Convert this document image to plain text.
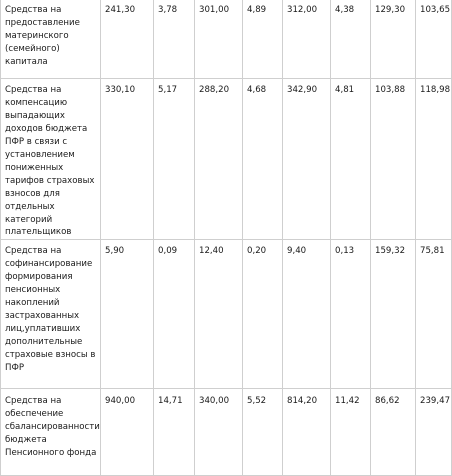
Средства на предоставление материнского (семейного) капитала	241,30	3,78	301,00	4,89	312,00	4,38	129,30	103,65
Средства на компенсацию выпадающих доходов бюджета ПФР в связи с установлением пониженных тарифов страховых взносов для отдельных категорий плательщиков	330,10	5,17	288,20	4,68	342,90	4,81	103,88	118,98
Средства на софинансирование формирования пенсионных накоплений застрахованных лиц,уплативших дополнительные страховые взносы в ПФР	5,90	0,09	12,40	0,20	9,40	0,13	159,32	75,81
Средства на обеспечение сбалансированности бюджета Пенсионного фонда	940,00	14,71	340,00	5,52	814,20	11,42	86,62	239,47
